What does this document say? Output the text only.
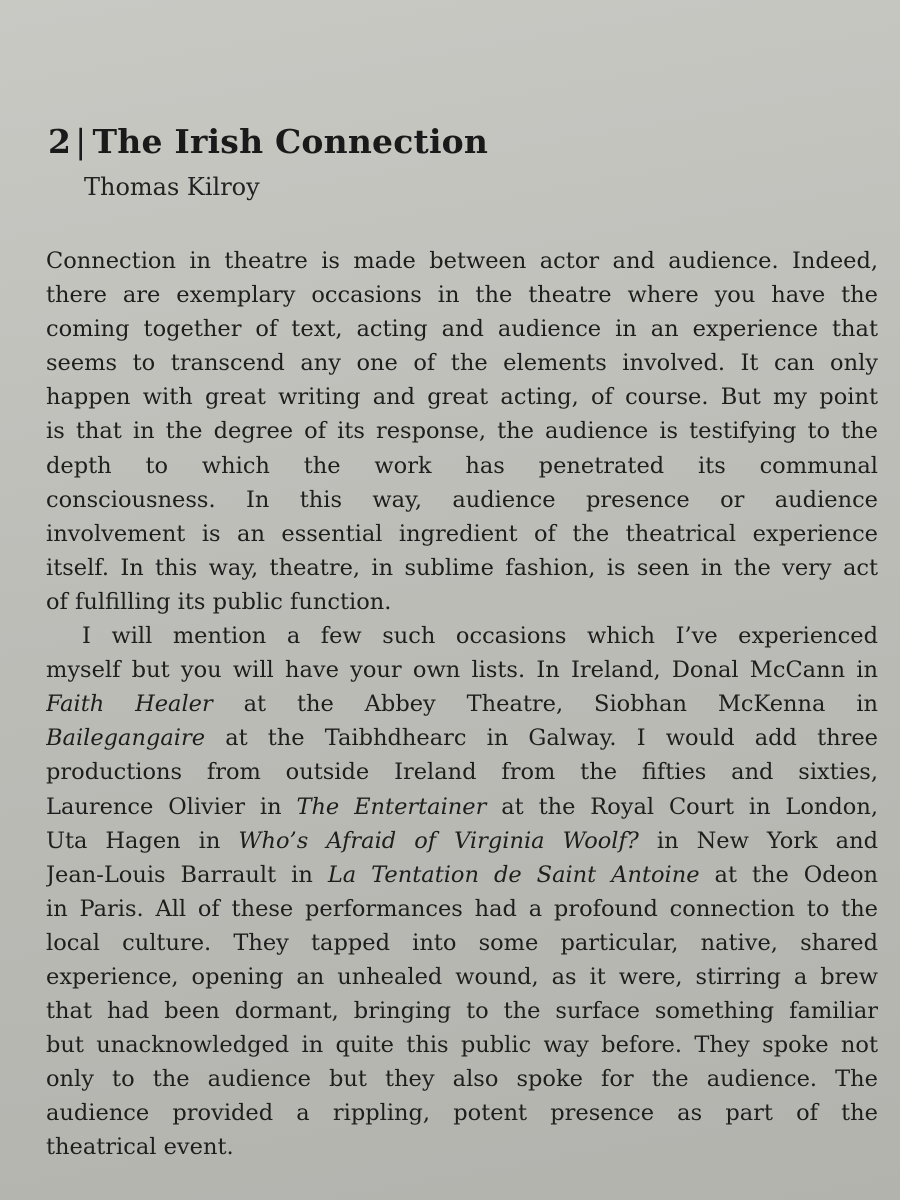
2 | The Irish Connection

Thomas Kilroy

Connection in theatre is made between actor and audience. Indeed,
there are exemplary occasions in the theatre where you have the
coming together of text, acting and audience in an experience that
seems to transcend any one of the elements involved. It can only
happen with great writing and great acting, of course. But my point
is that in the degree of its response, the audience is testifying to the
depth to which the work has penetrated its communal
consciousness. In this way, audience presence or audience
involvement is an essential ingredient of the theatrical experience
itself. In this way, theatre, in sublime fashion, is seen in the very act
of fulfilling its public function.

I will mention a few such occasions which I’ve experienced
myself but you will have your own lists. In Ireland, Donal McCann in
Faith Healer at the Abbey Theatre, Siobhan McKenna in
Bailegangaire at the Taibhdhearc in Galway. I would add three
productions from outside Ireland from the fifties and sixties,
Laurence Olivier in The Entertainer at the Royal Court in London,
Uta Hagen in Who’s Afraid of Virginia Woolf? in New York and
Jean-Louis Barrault in La Tentation de Saint Antoine at the Odeon
in Paris. All of these performances had a profound connection to the
local culture. They tapped into some particular, native, shared
experience, opening an unhealed wound, as it were, stirring a brew
that had been dormant, bringing to the surface something familiar
but unacknowledged in quite this public way before. They spoke not
only to the audience but they also spoke for the audience. The
audience provided a rippling, potent presence as part of the
theatrical event.
